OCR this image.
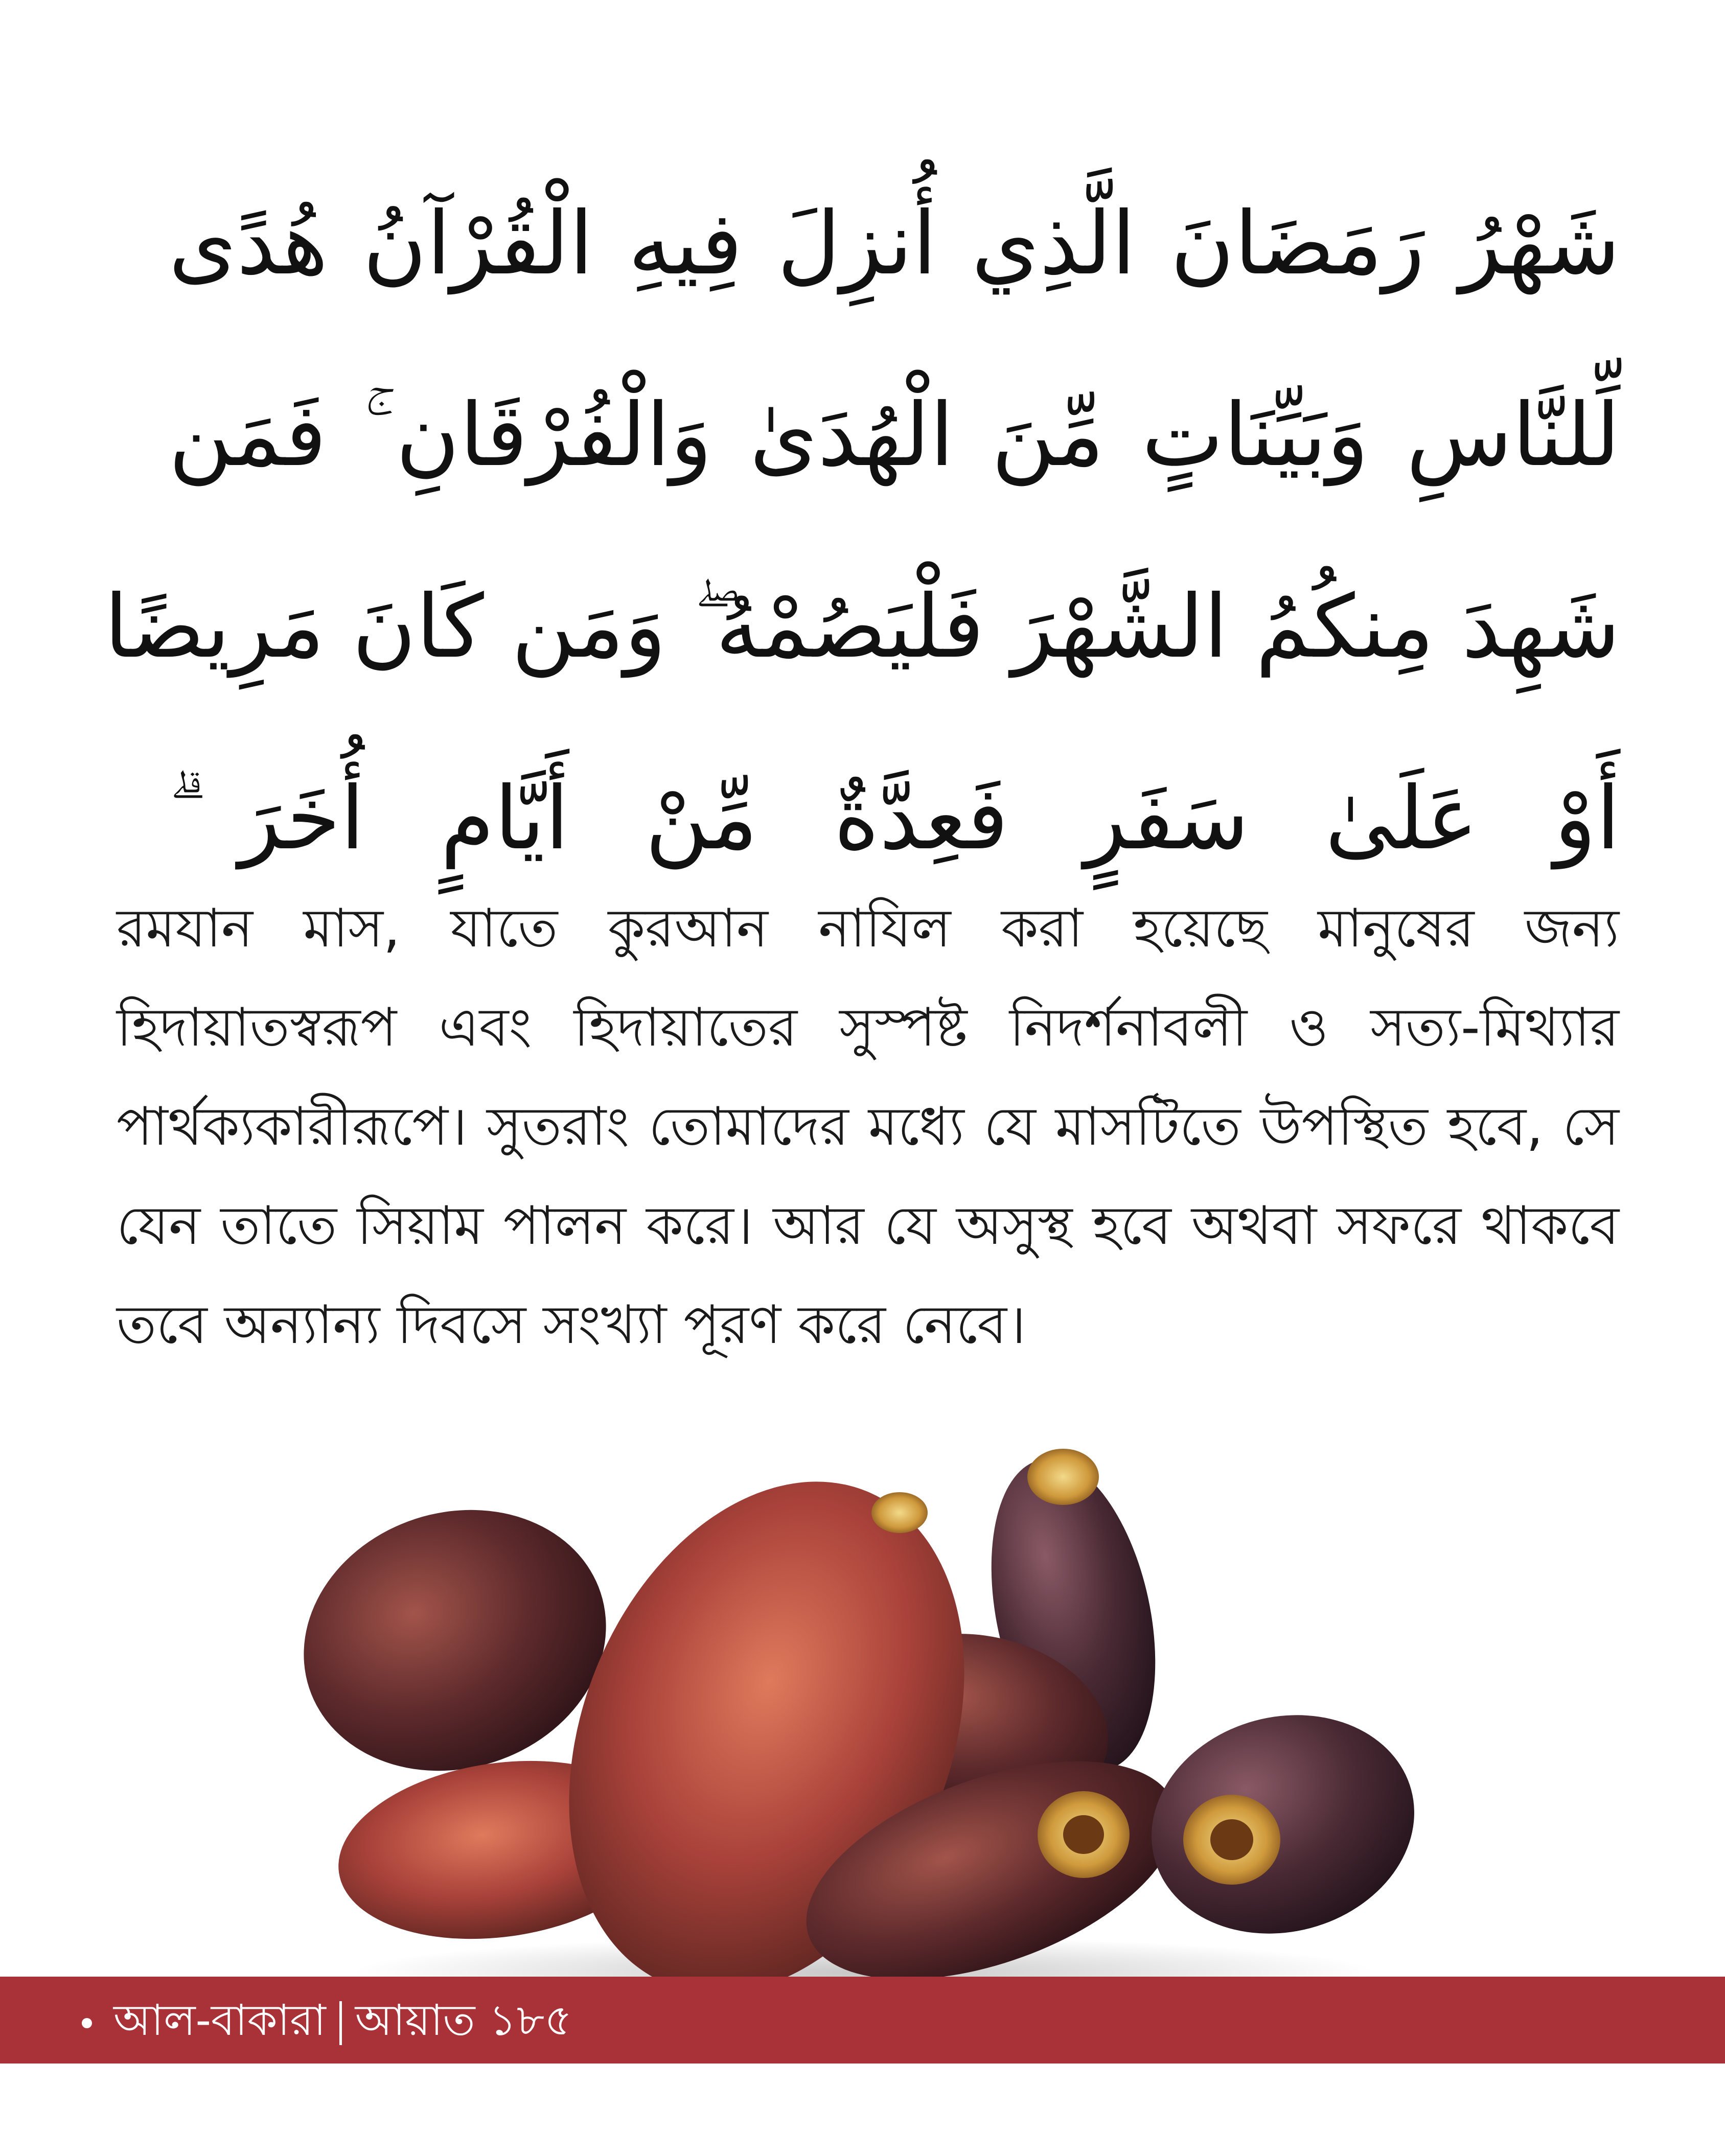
شَهْرُ رَمَضَانَ الَّذِي أُنزِلَ فِيهِ الْقُرْآنُ هُدًى
لِّلنَّاسِ وَبَيِّنَاتٍ مِّنَ الْهُدَىٰ وَالْفُرْقَانِ ۚ فَمَن
شَهِدَ مِنكُمُ الشَّهْرَ فَلْيَصُمْهُ ۖ وَمَن كَانَ مَرِيضًا
أَوْ عَلَىٰ سَفَرٍ فَعِدَّةٌ مِّنْ أَيَّامٍ أُخَرَ ۗ

রমযান মাস, যাতে কুরআন নাযিল করা হয়েছে মানুষের জন্য হিদায়াতস্বরূপ এবং হিদায়াতের সুস্পষ্ট নিদর্শনাবলী ও সত্য-মিথ্যার পার্থক্যকারীরূপে। সুতরাং তোমাদের মধ্যে যে মাসটিতে উপস্থিত হবে, সে যেন তাতে সিয়াম পালন করে। আর যে অসুস্থ হবে অথবা সফরে থাকবে তবে অন্যান্য দিবসে সংখ্যা পূরণ করে নেবে।

আল-বাকারা আয়াত ১৮৫
